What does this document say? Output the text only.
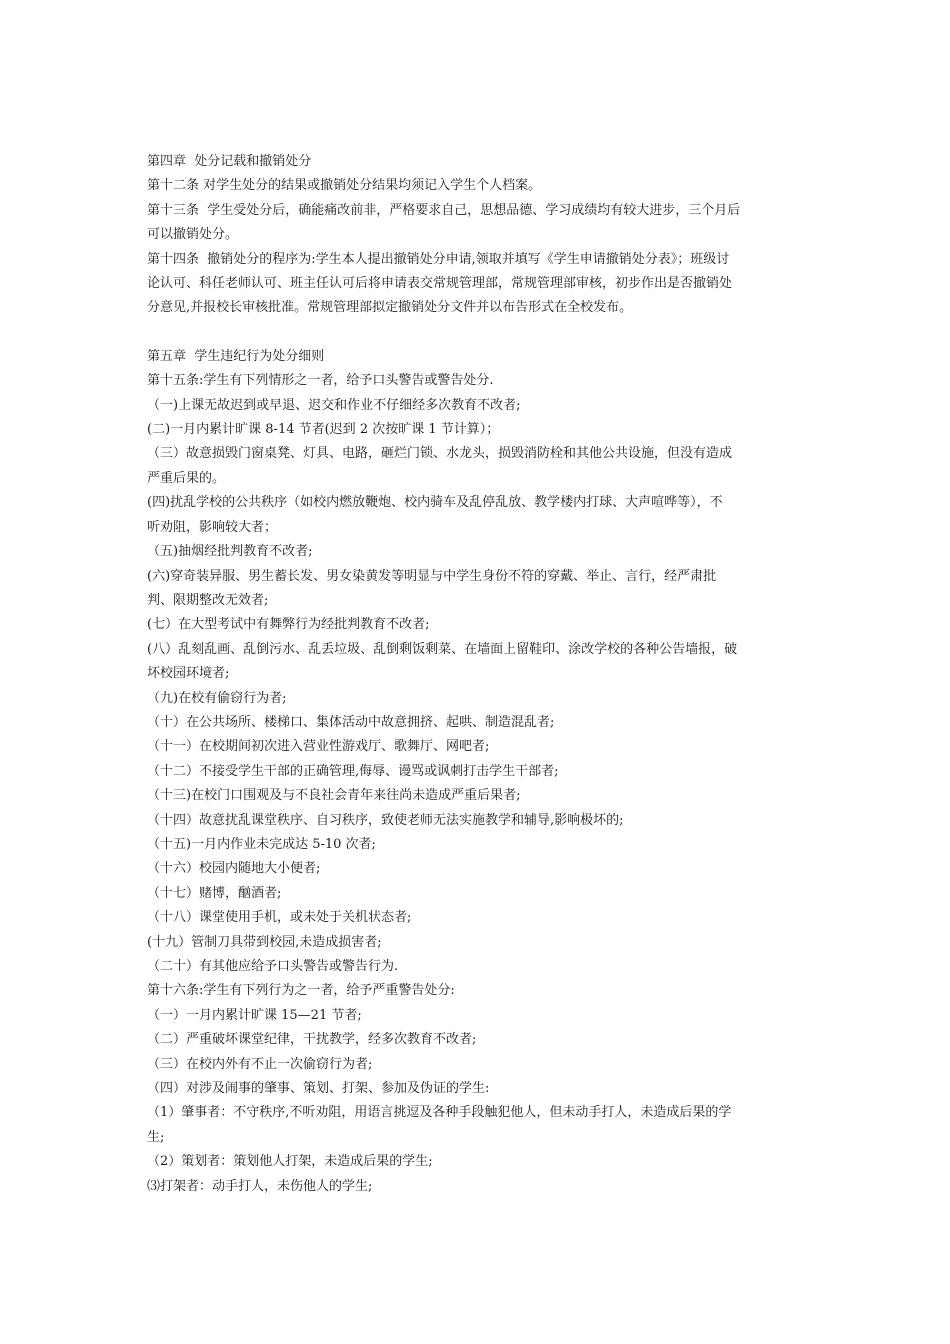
第四章  处分记载和撤销处分

第十二条 对学生处分的结果或撤销处分结果均须记入学生个人档案。

第十三条  学生受处分后，确能痛改前非，严格要求自己，思想品德、学习成绩均有较大进步，三个月后

可以撤销处分。

第十四条  撤销处分的程序为:学生本人提出撤销处分申请,领取并填写《学生申请撤销处分表》；班级讨

论认可、科任老师认可、班主任认可后将申请表交常规管理部，常规管理部审核，初步作出是否撤销处

分意见,并报校长审核批准。常规管理部拟定撤销处分文件并以布告形式在全校发布。

第五章  学生违纪行为处分细则

第十五条:学生有下列情形之一者，给予口头警告或警告处分.

（一)上课无故迟到或早退、迟交和作业不仔细经多次教育不改者;

(二)一月内累计旷课 8-14 节者(迟到 2 次按旷课 1 节计算）；

（三）故意损毁门窗桌凳、灯具、电路，砸烂门锁、水龙头，损毁消防栓和其他公共设施，但没有造成

严重后果的。

(四)扰乱学校的公共秩序（如校内燃放鞭炮、校内骑车及乱停乱放、教学楼内打球、大声喧哗等），不

听劝阻，影响较大者；

（五)抽烟经批判教育不改者;

(六)穿奇装异服、男生蓄长发、男女染黄发等明显与中学生身份不符的穿戴、举止、言行，经严肃批

判、限期整改无效者;

(七）在大型考试中有舞弊行为经批判教育不改者;

(八）乱刻乱画、乱倒污水、乱丢垃圾、乱倒剩饭剩菜、在墙面上留鞋印、涂改学校的各种公告墙报，破

坏校园环境者;

（九)在校有偷窃行为者;

（十）在公共场所、楼梯口、集体活动中故意拥挤、起哄、制造混乱者;

（十一）在校期间初次进入营业性游戏厅、歌舞厅、网吧者;

（十二）不接受学生干部的正确管理,侮辱、谩骂或讽刺打击学生干部者;

（十三)在校门口围观及与不良社会青年来往尚未造成严重后果者;

（十四）故意扰乱课堂秩序、自习秩序，致使老师无法实施教学和辅导,影响极坏的;

（十五)一月内作业未完成达 5-10 次者;

（十六）校园内随地大小便者;

（十七）赌博，酗酒者;

（十八）课堂使用手机，或未处于关机状态者;

(十九）管制刀具带到校园,未造成损害者;

（二十）有其他应给予口头警告或警告行为.

第十六条:学生有下列行为之一者，给予严重警告处分:

（一）一月内累计旷课 15—21 节者;

（二）严重破坏课堂纪律，干扰教学，经多次教育不改者;

（三）在校内外有不止一次偷窃行为者;

（四）对涉及闹事的肇事、策划、打架、参加及伪证的学生:

（1）肇事者：不守秩序,不听劝阻，用语言挑逗及各种手段触犯他人，但未动手打人，未造成后果的学

生;

（2）策划者：策划他人打架，未造成后果的学生;

⑶打架者：动手打人，未伤他人的学生;
